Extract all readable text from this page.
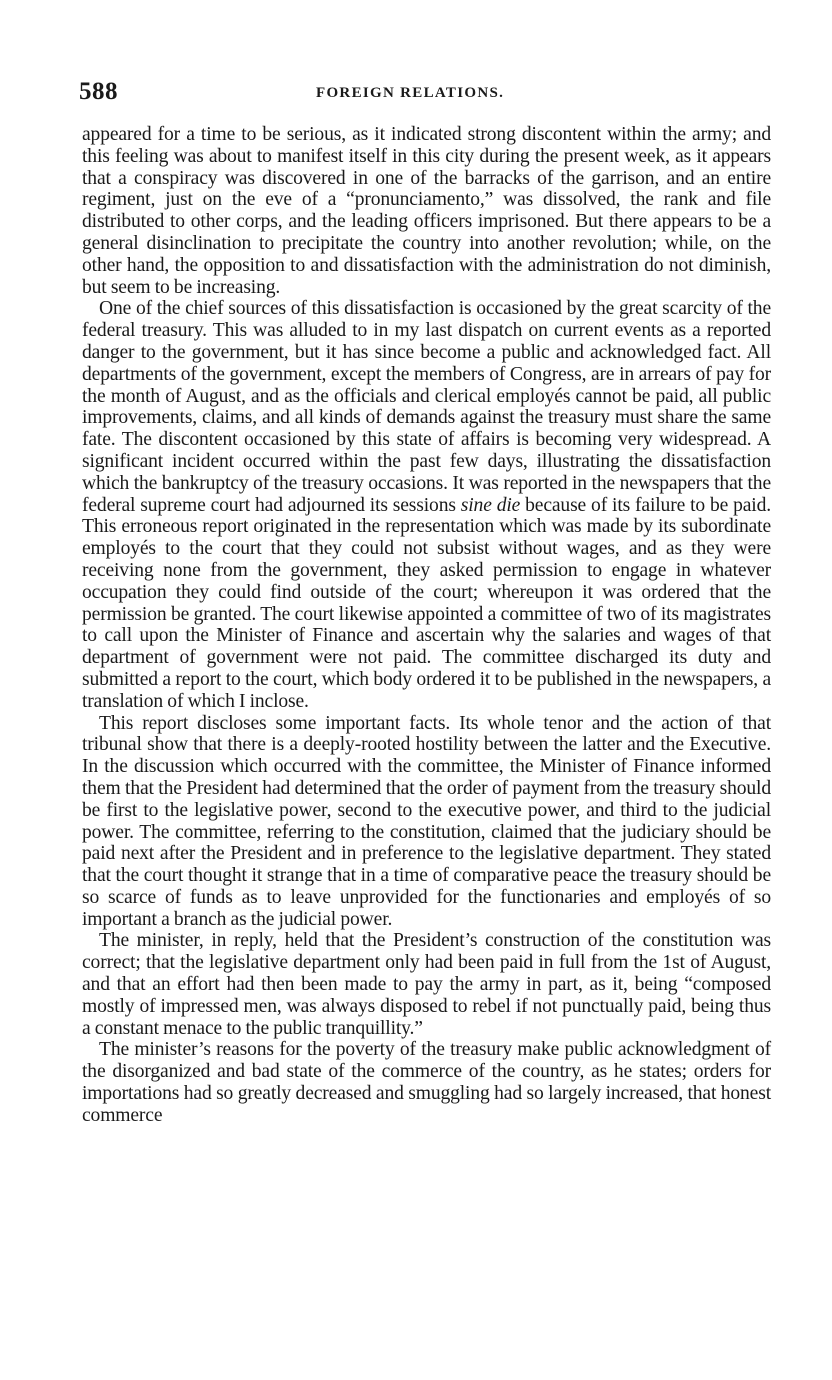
588	FOREIGN RELATIONS.

appeared for a time to be serious, as it indicated strong discontent within the army; and this feeling was about to manifest itself in this city during the present week, as it appears that a conspiracy was discovered in one of the barracks of the garrison, and an entire regiment, just on the eve of a “pronunciamento,” was dissolved, the rank and file distributed to other corps, and the leading officers imprisoned. But there appears to be a general disinclination to precipitate the country into another revolution; while, on the other hand, the opposition to and dissatisfaction with the administration do not diminish, but seem to be increasing.

One of the chief sources of this dissatisfaction is occasioned by the great scarcity of the federal treasury. This was alluded to in my last dispatch on current events as a reported danger to the government, but it has since become a public and acknowledged fact. All departments of the government, except the members of Congress, are in arrears of pay for the month of August, and as the officials and clerical employés cannot be paid, all public improvements, claims, and all kinds of demands against the treasury must share the same fate. The discontent occasioned by this state of affairs is becoming very widespread. A significant incident occurred within the past few days, illustrating the dissatisfaction which the bankruptcy of the treasury occasions. It was reported in the newspapers that the federal supreme court had adjourned its sessions sine die because of its failure to be paid. This erroneous report originated in the representation which was made by its subordinate employés to the court that they could not subsist without wages, and as they were receiving none from the government, they asked permission to engage in whatever occupation they could find outside of the court; whereupon it was ordered that the permission be granted. The court likewise appointed a committee of two of its magistrates to call upon the Minister of Finance and ascertain why the salaries and wages of that department of government were not paid. The committee discharged its duty and submitted a report to the court, which body ordered it to be published in the newspapers, a translation of which I inclose.

This report discloses some important facts. Its whole tenor and the action of that tribunal show that there is a deeply-rooted hostility between the latter and the Executive. In the discussion which occurred with the committee, the Minister of Finance informed them that the President had determined that the order of payment from the treasury should be first to the legislative power, second to the executive power, and third to the judicial power. The committee, referring to the constitution, claimed that the judiciary should be paid next after the President and in preference to the legislative department. They stated that the court thought it strange that in a time of comparative peace the treasury should be so scarce of funds as to leave unprovided for the functionaries and employés of so important a branch as the judicial power.

The minister, in reply, held that the President’s construction of the constitution was correct; that the legislative department only had been paid in full from the 1st of August, and that an effort had then been made to pay the army in part, as it, being “composed mostly of impressed men, was always disposed to rebel if not punctually paid, being thus a constant menace to the public tranquillity.”

The minister’s reasons for the poverty of the treasury make public acknowledgment of the disorganized and bad state of the commerce of the country, as he states; orders for importations had so greatly decreased and smuggling had so largely increased, that honest commerce
